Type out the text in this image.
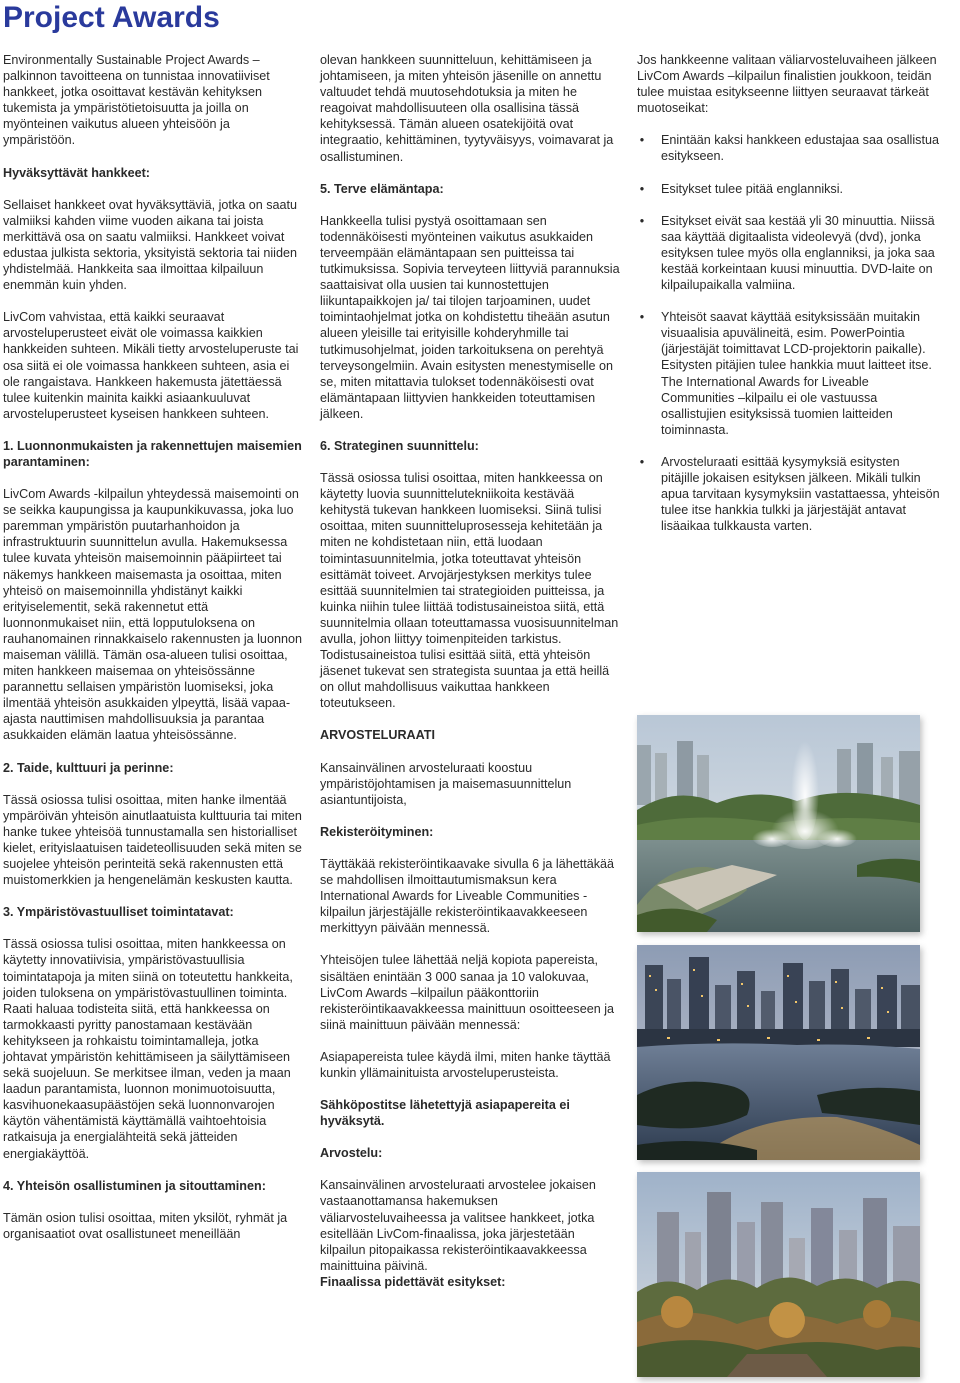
Project Awards

Environmentally Sustainable Project Awards – palkinnon tavoitteena on tunnistaa innovatiiviset hankkeet, jotka osoittavat kestävän kehityksen tukemista ja ympäristötietoisuutta ja joilla on myönteinen vaikutus alueen yhteisöön ja ympäristöön.

Hyväksyttävät hankkeet:

Sellaiset hankkeet ovat hyväksyttäviä, jotka on saatu valmiiksi kahden viime vuoden aikana tai joista merkittävä osa on saatu valmiiksi. Hankkeet voivat edustaa julkista sektoria, yksityistä sektoria tai niiden yhdistelmää. Hankkeita saa ilmoittaa kilpailuun enemmän kuin yhden.

LivCom vahvistaa, että kaikki seuraavat arvosteluperusteet eivät ole voimassa kaikkien hankkeiden suhteen. Mikäli tietty arvosteluperuste tai osa siitä ei ole voimassa hankkeen suhteen, asia ei ole rangaistava. Hankkeen hakemusta jätettäessä tulee kuitenkin mainita kaikki asiaankuuluvat arvosteluperusteet kyseisen hankkeen suhteen.

1. Luonnonmukaisten ja rakennettujen maisemien parantaminen:

LivCom Awards -kilpailun yhteydessä maisemointi on se seikka kaupungissa ja kaupunkikuvassa, joka luo paremman ympäristön puutarhanhoidon ja infrastruktuurin suunnittelun avulla. Hakemuksessa tulee kuvata yhteisön maisemoinnin pääpiirteet tai näkemys hankkeen maisemasta ja osoittaa, miten yhteisö on maisemoinnilla yhdistänyt kaikki erityiselementit, sekä rakennetut että luonnonmukaiset niin, että lopputuloksena on rauhanomainen rinnakkaiselo rakennusten ja luonnon maiseman välillä. Tämän osa-alueen tulisi osoittaa, miten hankkeen maisemaa on yhteisössänne parannettu sellaisen ympäristön luomiseksi, joka ilmentää yhteisön asukkaiden ylpeyttä, lisää vapaa-ajasta nauttimisen mahdollisuuksia ja parantaa asukkaiden elämän laatua yhteisössänne.

2. Taide, kulttuuri ja perinne:

Tässä osiossa tulisi osoittaa, miten hanke ilmentää ympäröivän yhteisön ainutlaatuista kulttuuria tai miten hanke tukee yhteisöä tunnustamalla sen historialliset kielet, erityislaatuisen taideteollisuuden sekä miten se suojelee yhteisön perinteitä sekä rakennusten että muistomerkkien ja hengenelämän keskusten kautta.

3. Ympäristövastuulliset toimintatavat:

Tässä osiossa tulisi osoittaa, miten hankkeessa on käytetty innovatiivisia, ympäristövastuullisia toimintatapoja ja miten siinä on toteutettu hankkeita, joiden tuloksena on ympäristövastuullinen toiminta. Raati haluaa todisteita siitä, että hankkeessa on tarmokkaasti pyritty panostamaan kestävään kehitykseen ja rohkaistu toimintamalleja, jotka johtavat ympäristön kehittämiseen ja säilyttämiseen sekä suojeluun. Se merkitsee ilman, veden ja maan laadun parantamista, luonnon monimuotoisuutta, kasvihuonekaasupäästöjen sekä luonnonvarojen käytön vähentämistä käyttämällä vaihtoehtoisia ratkaisuja ja energialähteitä sekä jätteiden energiakäyttöä.

4. Yhteisön osallistuminen ja sitouttaminen:

Tämän osion tulisi osoittaa, miten yksilöt, ryhmät ja organisaatiot ovat osallistuneet meneillään

olevan hankkeen suunnitteluun, kehittämiseen ja johtamiseen, ja miten yhteisön jäsenille on annettu valtuudet tehdä muutosehdotuksia ja miten he reagoivat mahdollisuuteen olla osallisina tässä kehityksessä. Tämän alueen osatekijöitä ovat integraatio, kehittäminen, tyytyväisyys, voimavarat ja osallistuminen.

5. Terve elämäntapa:

Hankkeella tulisi pystyä osoittamaan sen todennäköisesti myönteinen vaikutus asukkaiden terveempään elämäntapaan sen puitteissa tai tutkimuksissa. Sopivia terveyteen liittyviä parannuksia saattaisivat olla uusien tai kunnostettujen liikuntapaikkojen ja/ tai tilojen tarjoaminen, uudet toimintaohjelmat jotka on kohdistettu tiheään asutun alueen yleisille tai erityisille kohderyhmille tai tutkimusohjelmat, joiden tarkoituksena on perehtyä terveysongelmiin. Avain esitysten menestymiselle on se, miten mitattavia tulokset todennäköisesti ovat elämäntapaan liittyvien hankkeiden toteuttamisen jälkeen.

6. Strateginen suunnittelu:

Tässä osiossa tulisi osoittaa, miten hankkeessa on käytetty luovia suunnittelutekniikoita kestävää kehitystä tukevan hankkeen luomiseksi. Siinä tulisi osoittaa, miten suunnitteluprosesseja kehitetään ja miten ne kohdistetaan niin, että luodaan toimintasuunnitelmia, jotka toteuttavat yhteisön esittämät toiveet. Arvojärjestyksen merkitys tulee esittää suunnitelmien tai strategioiden puitteissa, ja kuinka niihin tulee liittää todistusaineistoa siitä, että suunnitelmia ollaan toteuttamassa vuosisuunnitelman avulla, johon liittyy toimenpiteiden tarkistus. Todistusaineistoa tulisi esittää siitä, että yhteisön jäsenet tukevat sen strategista suuntaa ja että heillä on ollut mahdollisuus vaikuttaa hankkeen toteutukseen.

ARVOSTELURAATI

Kansainvälinen arvosteluraati koostuu ympäristöjohtamisen ja maisemasuunnittelun asiantuntijoista,

Rekisteröityminen:

Täyttäkää rekisteröintikaavake sivulla 6 ja lähettäkää se mahdollisen ilmoittautumismaksun kera International Awards for Liveable Communities -kilpailun järjestäjälle rekisteröintikaavakkeeseen merkittyyn päivään mennessä.

Yhteisöjen tulee lähettää neljä kopiota papereista, sisältäen enintään 3 000 sanaa ja 10 valokuvaa, LivCom Awards –kilpailun pääkonttoriin rekisteröintikaavakkeessa mainittuun osoitteeseen ja siinä mainittuun päivään mennessä:

Asiapapereista tulee käydä ilmi, miten hanke täyttää kunkin yllämainituista arvosteluperusteista.

Sähköpostitse lähetettyjä asiapapereita ei hyväksytä.
Arvostelu:

Kansainvälinen arvosteluraati arvostelee jokaisen vastaanottamansa hakemuksen väliarvosteluvaiheessa ja valitsee hankkeet, jotka esitellään LivCom-finaalissa, joka järjestetään kilpailun pitopaikassa rekisteröintikaavakkeessa mainittuina päivinä.

Finaalissa pidettävät esitykset:

Jos hankkeenne valitaan väliarvosteluvaiheen jälkeen LivCom Awards –kilpailun finalistien joukkoon, teidän tulee muistaa esitykseenne liittyen seuraavat tärkeät muotoseikat:

• Enintään kaksi hankkeen edustajaa saa osallistua esitykseen.
• Esitykset tulee pitää englanniksi.
• Esitykset eivät saa kestää yli 30 minuuttia. Niissä saa käyttää digitaalista videolevyä (dvd), jonka esityksen tulee myös olla englanniksi, ja joka saa kestää korkeintaan kuusi minuuttia. DVD-laite on kilpailupaikalla valmiina.
• Yhteisöt saavat käyttää esityksissään muitakin visuaalisia apuvälineitä, esim. PowerPointia (järjestäjät toimittavat LCD-projektorin paikalle). Esitysten pitäjien tulee hankkia muut laitteet itse. The International Awards for Liveable Communities –kilpailu ei ole vastuussa osallistujien esityksissä tuomien laitteiden toiminnasta.
• Arvosteluraati esittää kysymyksiä esitysten pitäjille jokaisen esityksen jälkeen. Mikäli tulkin apua tarvitaan kysymyksiin vastattaessa, yhteisön tulee itse hankkia tulkki ja järjestäjät antavat lisäaikaa tulkkausta varten.
